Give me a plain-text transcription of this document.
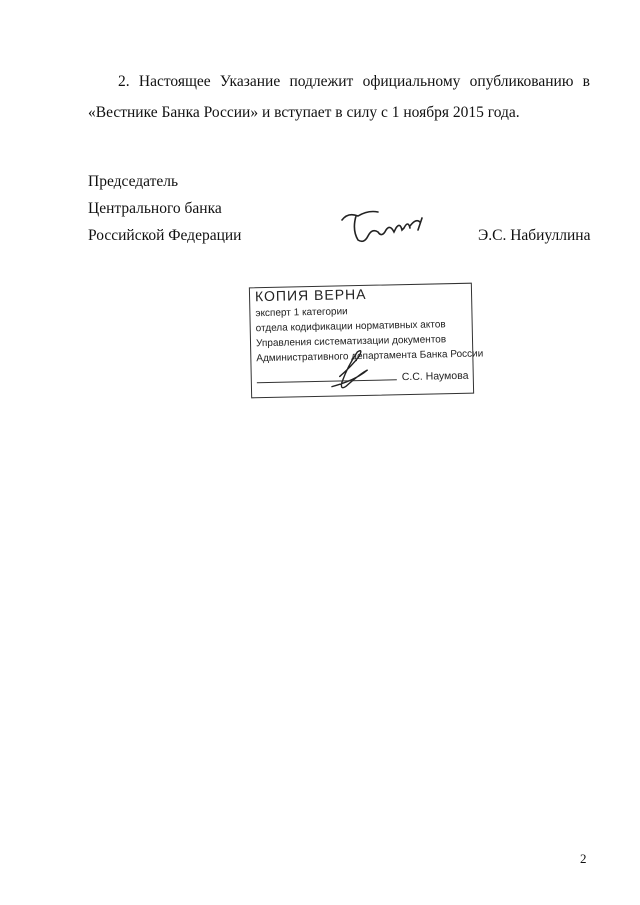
2. Настоящее Указание подлежит официальному опубликованию в «Вестнике Банка России» и вступает в силу с 1 ноября 2015 года.
Председатель
Центрального банка
Российской Федерации	Э.С. Набиуллина
КОПИЯ ВЕРНА
эксперт 1 категории
отдела кодификации нормативных актов
Управления систематизации документов
Административного департамента Банка России
С.С. Наумова
2
